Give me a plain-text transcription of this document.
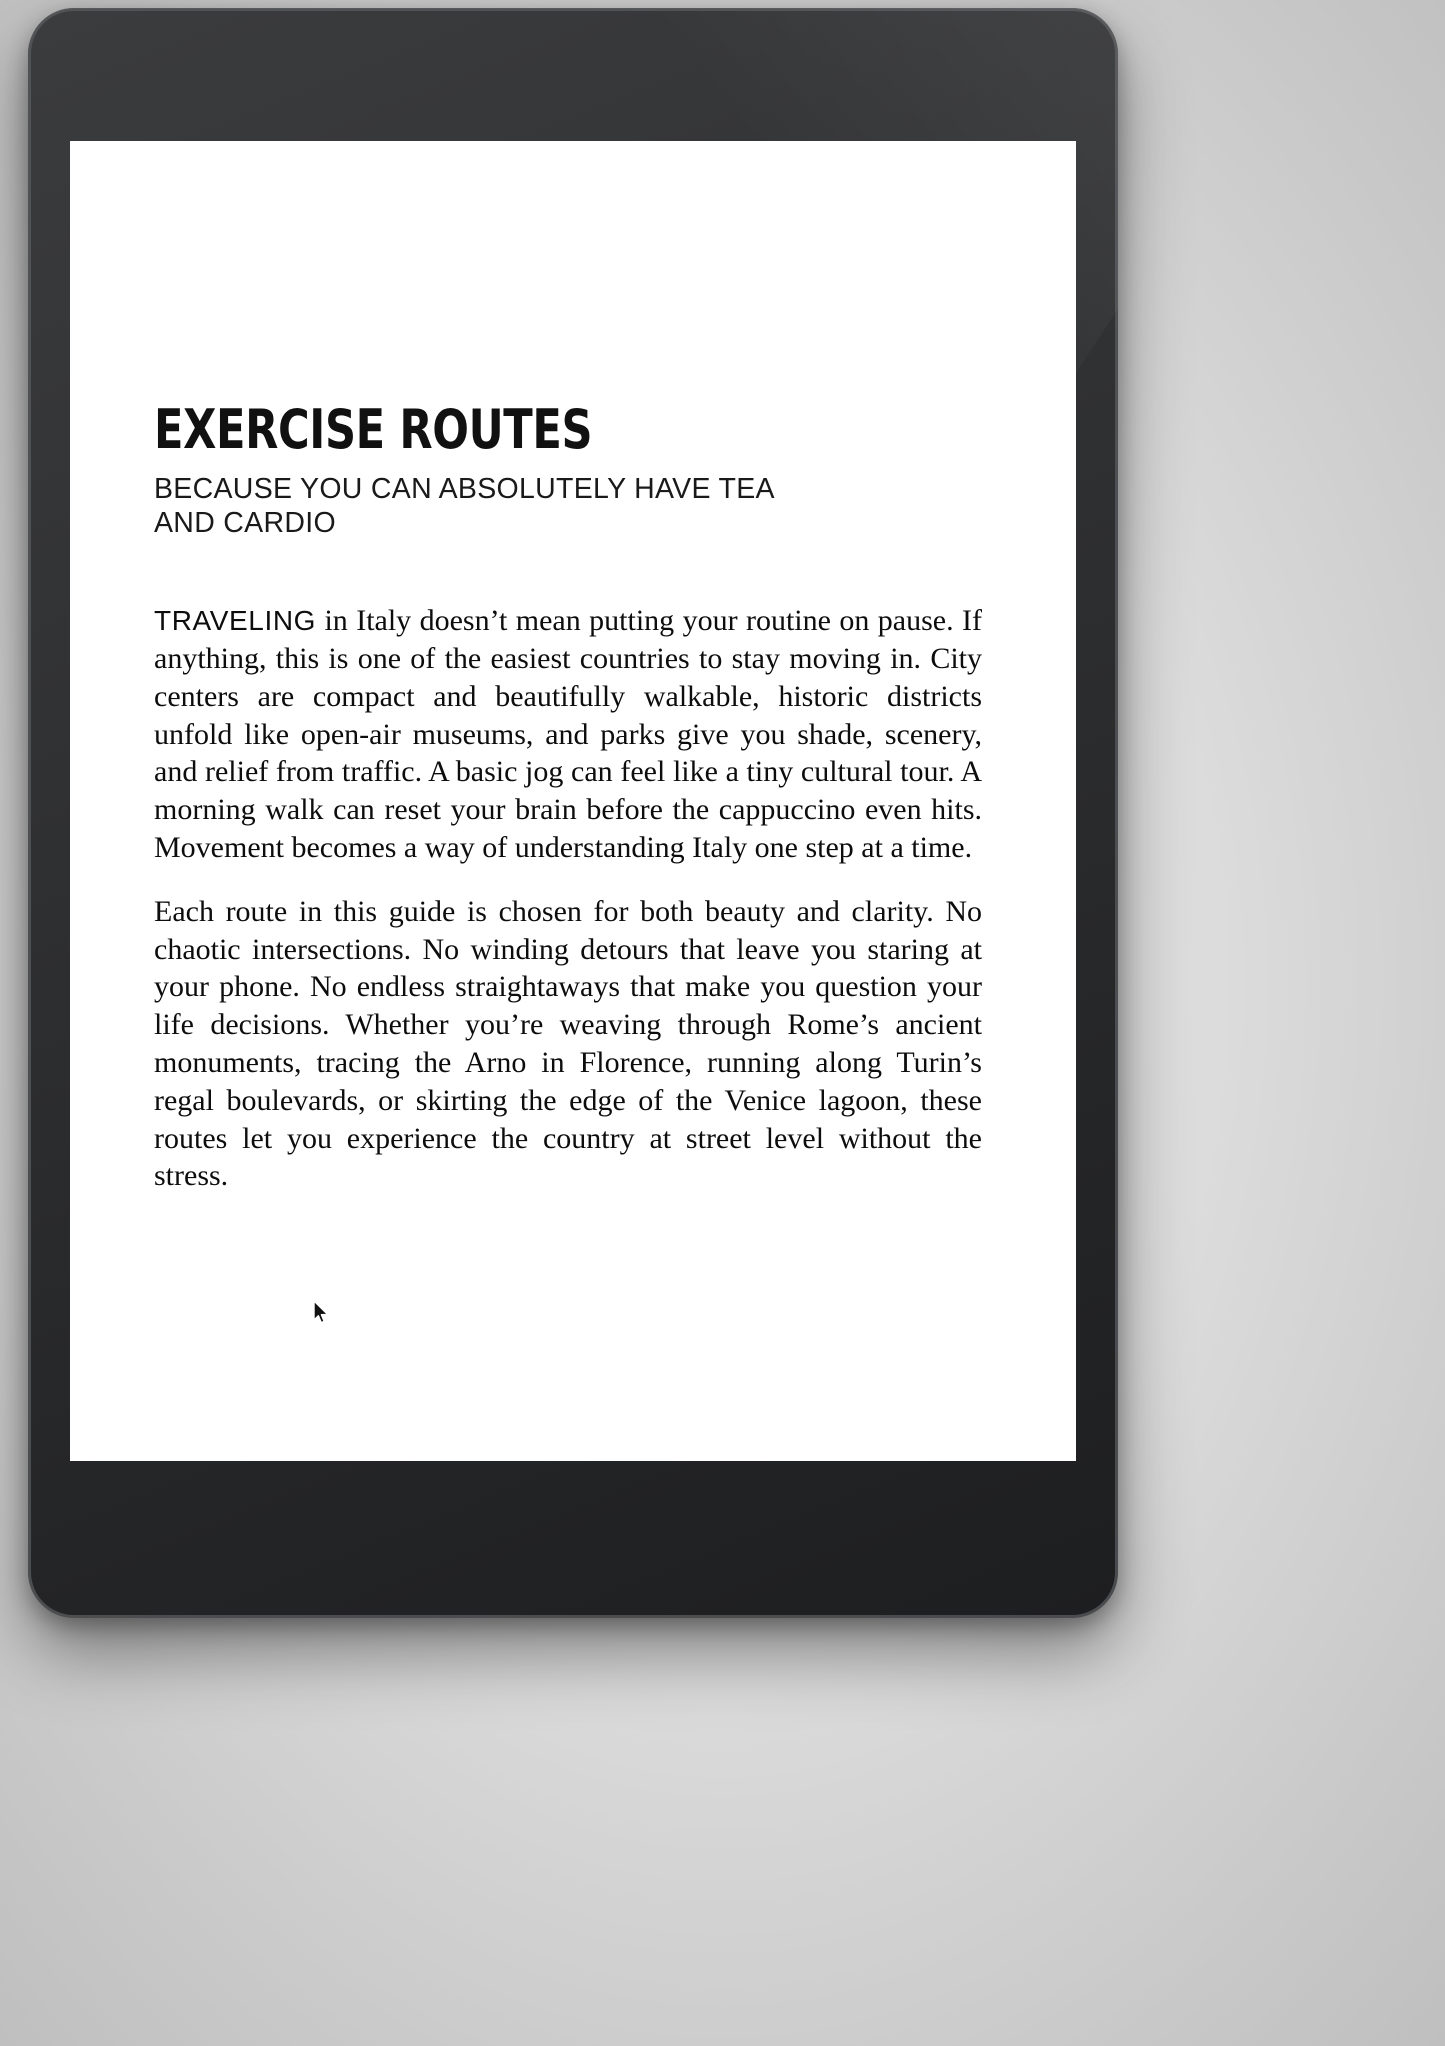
EXERCISE ROUTES
BECAUSE YOU CAN ABSOLUTELY HAVE TEA AND CARDIO

TRAVELING in Italy doesn’t mean putting your routine on pause. If anything, this is one of the easiest countries to stay moving in. City centers are compact and beautifully walkable, historic districts unfold like open-air museums, and parks give you shade, scenery, and relief from traffic. A basic jog can feel like a tiny cultural tour. A morning walk can reset your brain before the cappuccino even hits. Movement becomes a way of understanding Italy one step at a time.

Each route in this guide is chosen for both beauty and clarity. No chaotic intersections. No winding detours that leave you staring at your phone. No endless straightaways that make you question your life decisions. Whether you’re weaving through Rome’s ancient monuments, tracing the Arno in Florence, running along Turin’s regal boulevards, or skirting the edge of the Venice lagoon, these routes let you experience the country at street level without the stress.
